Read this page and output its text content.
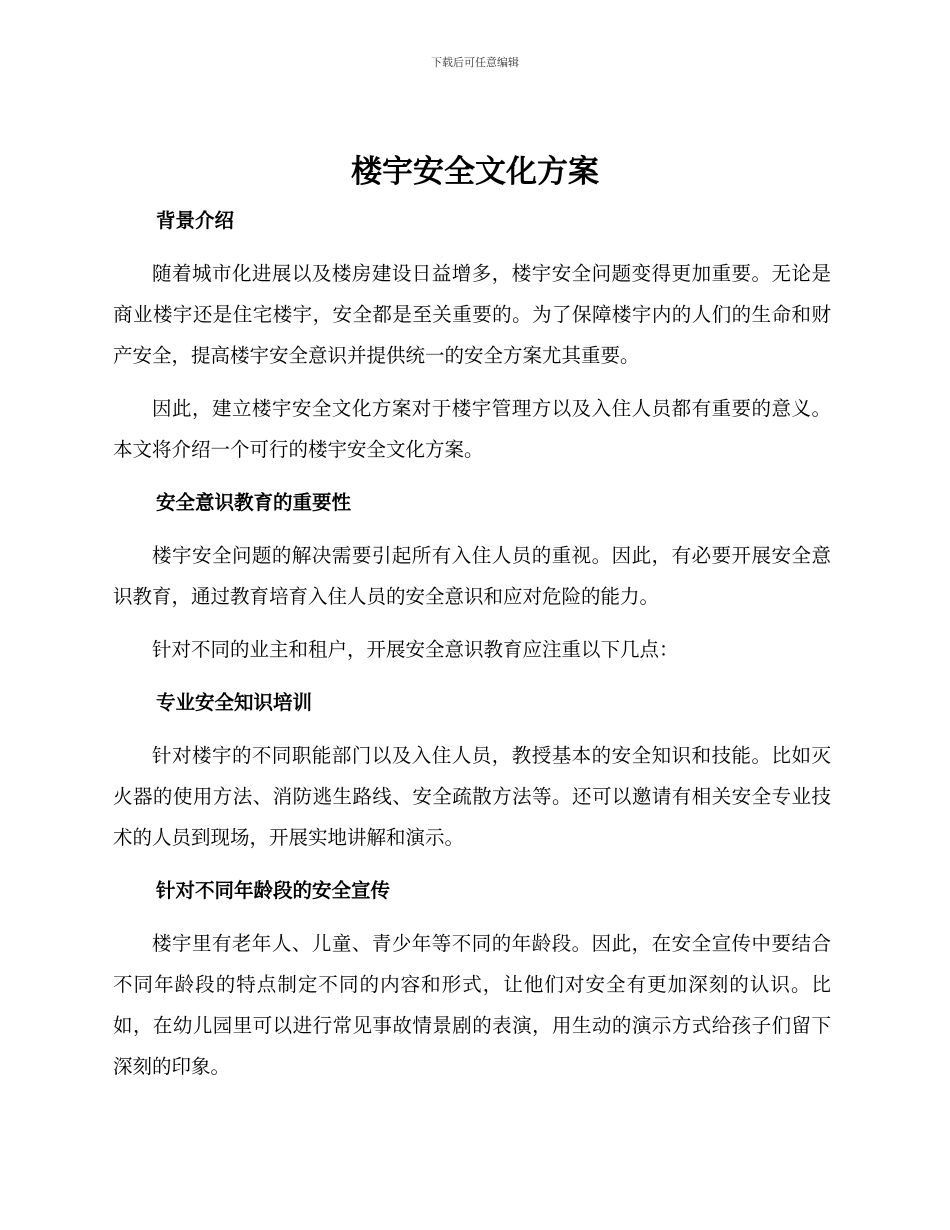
下载后可任意编辑
楼宇安全文化方案
背景介绍

随着城市化进展以及楼房建设日益增多，楼宇安全问题变得更加重要。无论是商业楼宇还是住宅楼宇，安全都是至关重要的。为了保障楼宇内的人们的生命和财产安全，提高楼宇安全意识并提供统一的安全方案尤其重要。

因此，建立楼宇安全文化方案对于楼宇管理方以及入住人员都有重要的意义。本文将介绍一个可行的楼宇安全文化方案。

安全意识教育的重要性

楼宇安全问题的解决需要引起所有入住人员的重视。因此，有必要开展安全意识教育，通过教育培育入住人员的安全意识和应对危险的能力。

针对不同的业主和租户，开展安全意识教育应注重以下几点：

专业安全知识培训

针对楼宇的不同职能部门以及入住人员，教授基本的安全知识和技能。比如灭火器的使用方法、消防逃生路线、安全疏散方法等。还可以邀请有相关安全专业技术的人员到现场，开展实地讲解和演示。

针对不同年龄段的安全宣传

楼宇里有老年人、儿童、青少年等不同的年龄段。因此，在安全宣传中要结合不同年龄段的特点制定不同的内容和形式，让他们对安全有更加深刻的认识。比如，在幼儿园里可以进行常见事故情景剧的表演，用生动的演示方式给孩子们留下深刻的印象。
